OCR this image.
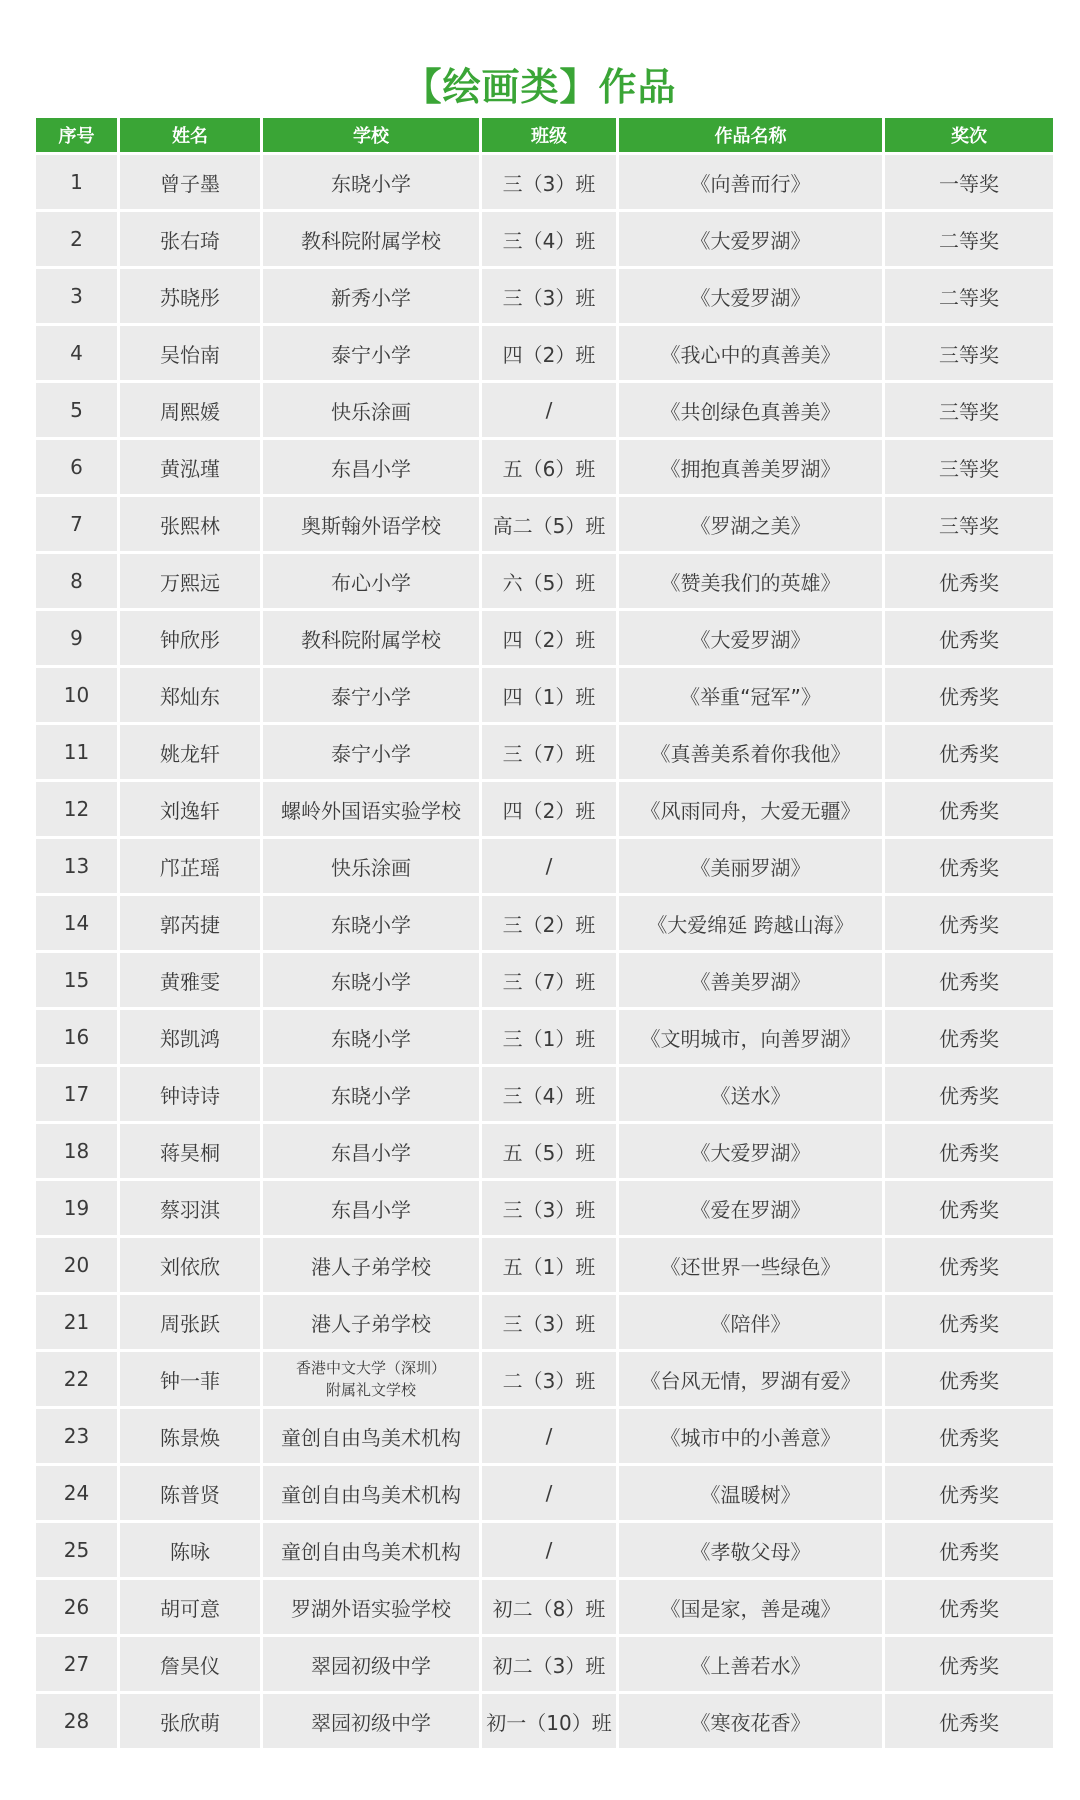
【绘画类】作品
序号	姓名	学校	班级	作品名称	奖次
1	曾子墨	东晓小学	三（3）班	《向善而行》	一等奖
2	张右琦	教科院附属学校	三（4）班	《大爱罗湖》	二等奖
3	苏晓彤	新秀小学	三（3）班	《大爱罗湖》	二等奖
4	吴怡南	泰宁小学	四（2）班	《我心中的真善美》	三等奖
5	周熙媛	快乐涂画	/	《共创绿色真善美》	三等奖
6	黄泓瑾	东昌小学	五（6）班	《拥抱真善美罗湖》	三等奖
7	张熙林	奥斯翰外语学校	高二（5）班	《罗湖之美》	三等奖
8	万熙远	布心小学	六（5）班	《赞美我们的英雄》	优秀奖
9	钟欣彤	教科院附属学校	四（2）班	《大爱罗湖》	优秀奖
10	郑灿东	泰宁小学	四（1）班	《举重“冠军”》	优秀奖
11	姚龙轩	泰宁小学	三（7）班	《真善美系着你我他》	优秀奖
12	刘逸轩	螺岭外国语实验学校	四（2）班	《风雨同舟，大爱无疆》	优秀奖
13	邝芷瑶	快乐涂画	/	《美丽罗湖》	优秀奖
14	郭芮捷	东晓小学	三（2）班	《大爱绵延 跨越山海》	优秀奖
15	黄雅雯	东晓小学	三（7）班	《善美罗湖》	优秀奖
16	郑凯鸿	东晓小学	三（1）班	《文明城市，向善罗湖》	优秀奖
17	钟诗诗	东晓小学	三（4）班	《送水》	优秀奖
18	蒋昊桐	东昌小学	五（5）班	《大爱罗湖》	优秀奖
19	蔡羽淇	东昌小学	三（3）班	《爱在罗湖》	优秀奖
20	刘依欣	港人子弟学校	五（1）班	《还世界一些绿色》	优秀奖
21	周张跃	港人子弟学校	三（3）班	《陪伴》	优秀奖
22	钟一菲	香港中文大学（深圳）
附属礼文学校	二（3）班	《台风无情，罗湖有爱》	优秀奖
23	陈景焕	童创自由鸟美术机构	/	《城市中的小善意》	优秀奖
24	陈普贤	童创自由鸟美术机构	/	《温暖树》	优秀奖
25	陈咏	童创自由鸟美术机构	/	《孝敬父母》	优秀奖
26	胡可意	罗湖外语实验学校	初二（8）班	《国是家，善是魂》	优秀奖
27	詹昊仪	翠园初级中学	初二（3）班	《上善若水》	优秀奖
28	张欣萌	翠园初级中学	初一（10）班	《寒夜花香》	优秀奖
